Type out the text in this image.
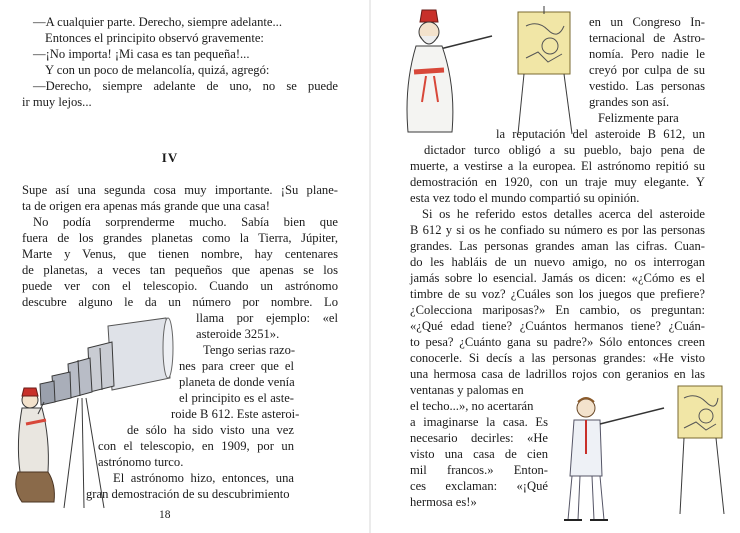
—A cualquier parte. Derecho, siempre adelante...
Entonces el principito observó gravemente:
—¡No importa! ¡Mi casa es tan pequeña!...
Y con un poco de melancolía, quizá, agregó:
—Derecho, siempre adelante de uno, no se puede
ir muy lejos...
IV
Supe así una segunda cosa muy importante. ¡Su plane-
ta de origen era apenas más grande que una casa!
No podía sorprenderme mucho. Sabía bien que
fuera de los grandes planetas como la Tierra, Júpiter,
Marte y Venus, que tienen nombre, hay centenares
de planetas, a veces tan pequeños que apenas se los
puede ver con el telescopio. Cuando un astrónomo
descubre alguno le da un número por nombre. Lo
llama por ejemplo: «el
asteroide 3251».
Tengo serias razo-
nes para creer que el
planeta de donde venía
el principito es el aste-
roide B 612. Este asteroi-
de sólo ha sido visto una vez
con el telescopio, en 1909, por un
astrónomo turco.
El astrónomo hizo, entonces, una
gran demostración de su descubrimiento
18
en un Congreso In-
ternacional de Astro-
nomía. Pero nadie le
creyó por culpa de su
vestido. Las personas
grandes son así.
Felizmente para
la reputación del asteroide B 612, un
dictador turco obligó a su pueblo, bajo pena de
muerte, a vestirse a la europea. El astrónomo repitió su
demostración en 1920, con un traje muy elegante. Y
esta vez todo el mundo compartió su opinión.
Si os he referido estos detalles acerca del asteroide
B 612 y si os he confiado su número es por las personas
grandes. Las personas grandes aman las cifras. Cuan-
do les habláis de un nuevo amigo, no os interrogan
jamás sobre lo esencial. Jamás os dicen: «¿Cómo es el
timbre de su voz? ¿Cuáles son los juegos que prefiere?
¿Colecciona mariposas?» En cambio, os preguntan:
«¿Qué edad tiene? ¿Cuántos hermanos tiene? ¿Cuán-
to pesa? ¿Cuánto gana su padre?» Sólo entonces creen
conocerle. Si decís a las personas grandes: «He visto
una hermosa casa de ladrillos rojos con geranios en las
ventanas y palomas en
el techo...», no acertarán
a imaginarse la casa. Es
necesario decirles: «He
visto una casa de cien
mil francos.» Enton-
ces exclaman: «¡Qué
hermosa es!»
